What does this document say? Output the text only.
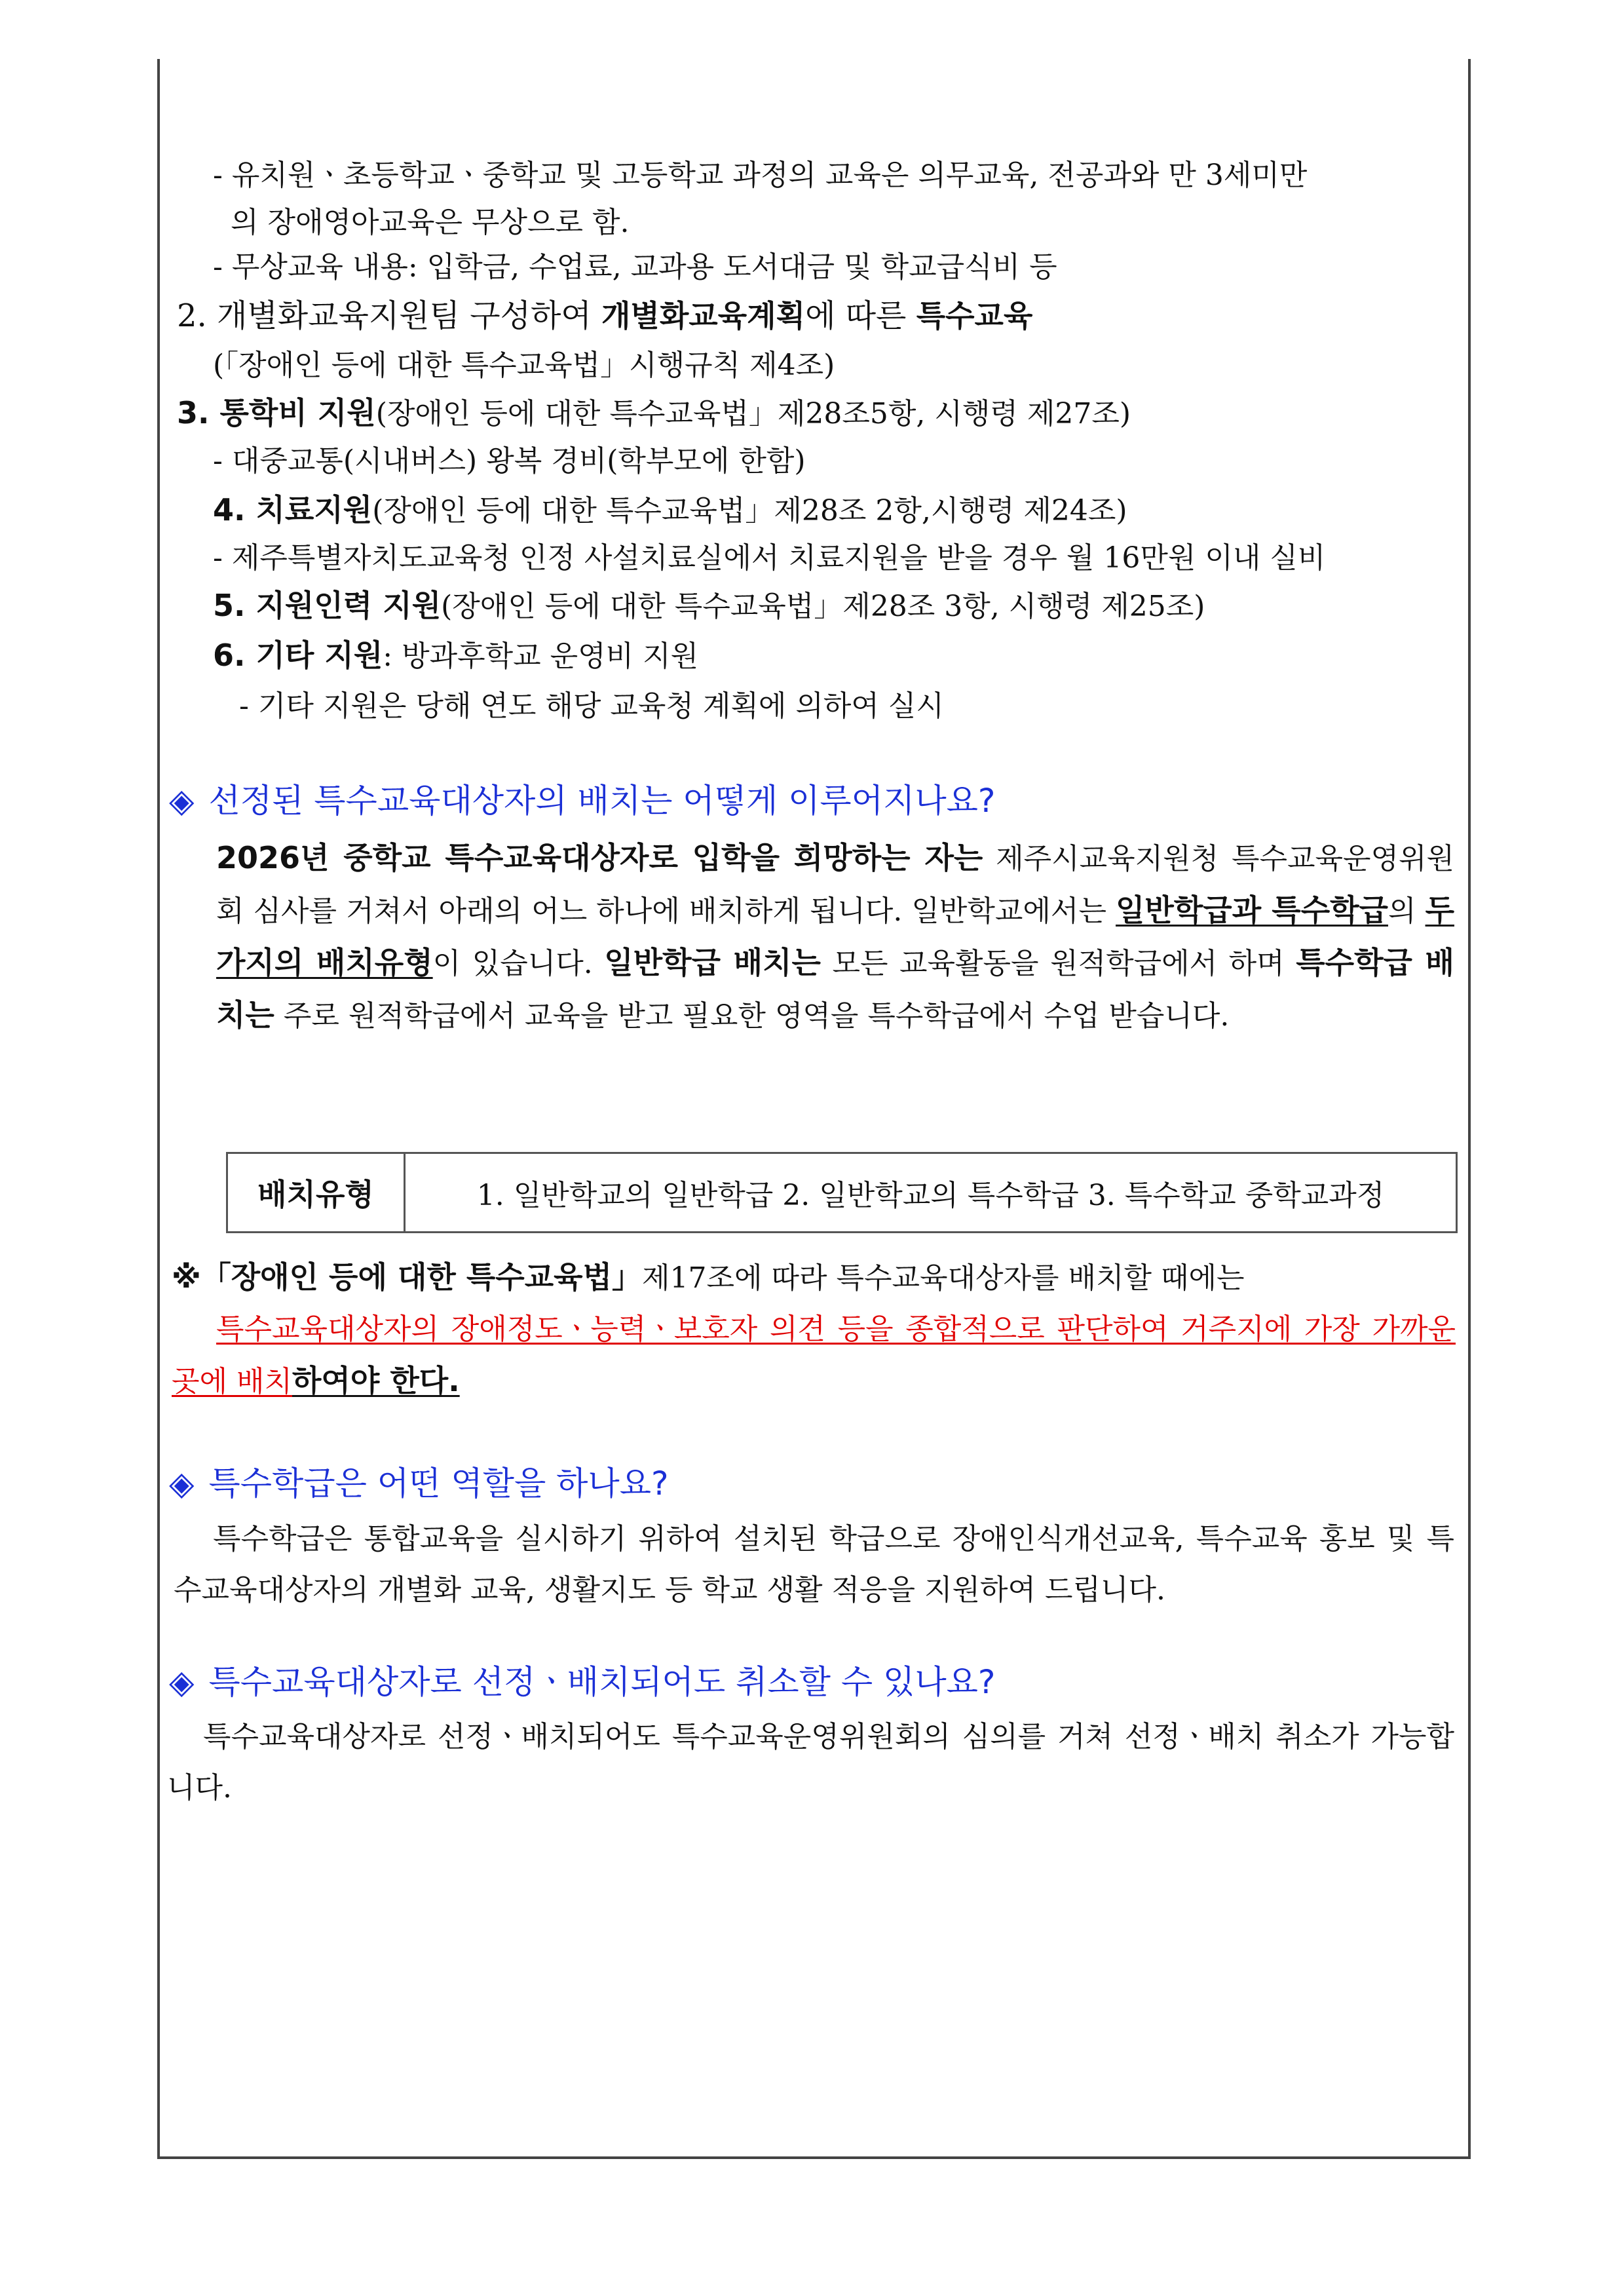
- 유치원ㆍ초등학교ㆍ중학교 및 고등학교 과정의 교육은 의무교육, 전공과와 만 3세미만
의 장애영아교육은 무상으로 함.
- 무상교육 내용: 입학금, 수업료, 교과용 도서대금 및 학교급식비 등
2. 개별화교육지원팀 구성하여 개별화교육계획에 따른 특수교육
(「장애인 등에 대한 특수교육법」시행규칙 제4조)
3. 통학비 지원(장애인 등에 대한 특수교육법」제28조5항, 시행령 제27조)
- 대중교통(시내버스) 왕복 경비(학부모에 한함)
4. 치료지원(장애인 등에 대한 특수교육법」제28조 2항,시행령 제24조)
- 제주특별자치도교육청 인정 사설치료실에서 치료지원을 받을 경우 월 16만원 이내 실비
5. 지원인력 지원(장애인 등에 대한 특수교육법」제28조 3항, 시행령 제25조)
6. 기타 지원: 방과후학교 운영비 지원
- 기타 지원은 당해 연도 해당 교육청 계획에 의하여 실시
◈ 선정된 특수교육대상자의 배치는 어떻게 이루어지나요?
2026년 중학교 특수교육대상자로 입학을 희망하는 자는 제주시교육지원청 특수교육운영위원회 심사를 거쳐서 아래의 어느 하나에 배치하게 됩니다. 일반학교에서는 일반학급과 특수학급의 두 가지의 배치유형이 있습니다. 일반학급 배치는 모든 교육활동을 원적학급에서 하며 특수학급 배치는 주로 원적학급에서 교육을 받고 필요한 영역을 특수학급에서 수업 받습니다.
배치유형	1. 일반학교의 일반학급 2. 일반학교의 특수학급 3. 특수학교 중학교과정
※「장애인 등에 대한 특수교육법」제17조에 따라 특수교육대상자를 배치할 때에는
특수교육대상자의 장애정도ㆍ능력ㆍ보호자 의견 등을 종합적으로 판단하여 거주지에 가장 가까운 곳에 배치하여야 한다.
◈ 특수학급은 어떤 역할을 하나요?
특수학급은 통합교육을 실시하기 위하여 설치된 학급으로 장애인식개선교육, 특수교육 홍보 및 특수교육대상자의 개별화 교육, 생활지도 등 학교 생활 적응을 지원하여 드립니다.
◈ 특수교육대상자로 선정ㆍ배치되어도 취소할 수 있나요?
특수교육대상자로 선정ㆍ배치되어도 특수교육운영위원회의 심의를 거쳐 선정ㆍ배치 취소가 가능합니다.
